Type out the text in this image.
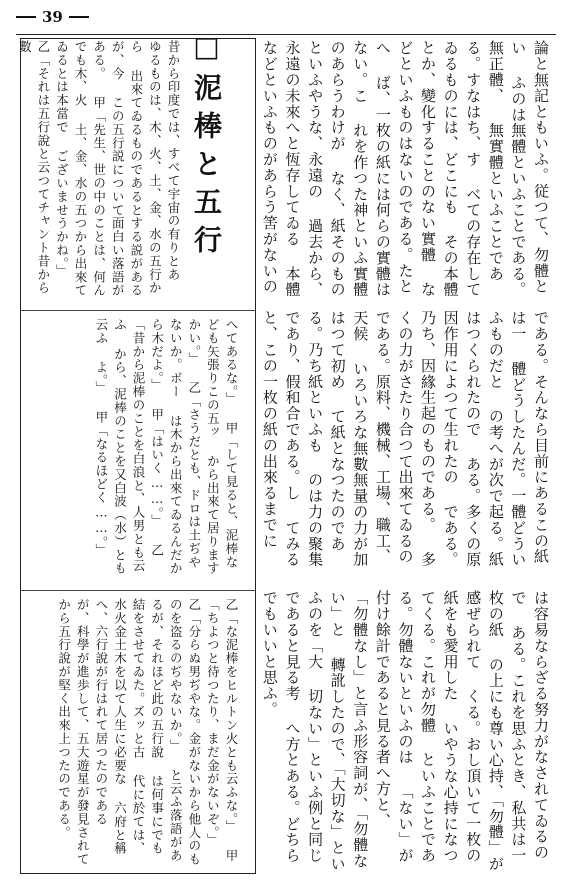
39

論と無記ともいふ。従つて、勿體とい ふのは無體といふことである。無正體、 無實體といふことである。すなはち、す べての存在してゐるものには、どこにも その本體とか、變化することのない實體 などといふものはないのである。たとへ ば、一枚の紙には何らの實體はない。こ れを作つた神といふ實體のあらうわけが なく、紙そのものといふやうな、永遠の 過去から、永遠の未來へと恆存してゐる 本體などといふものがあらう筈がないの

である。そんなら目前にあるこの紙は一 體どうしたんだ。一體どういふものだと の考へが次で起る。紙はつくられたので ある。多くの原因作用によつて生れたの である。乃ち、因緣生起のものである。 多くの力がさたり合つて出來てゐるの である。原料、機械、工場、職工、天候 いろいろな無數無量の力が加はつて初め て紙となつたのである。乃ち紙といふも のは力の聚集であり、假和合である。し てみると、この一枚の紙の出來るまでに

は容易ならざる努力がなされてゐるので ある。これを思ふとき、私共は一枚の紙 の上にも尊い心持、「勿體」が感ぜられて くる。おし頂いて一枚の紙をも愛用した いやうな心持になつてくる。これが勿體 といふことである。勿體ないといふのは 「ない」が付け餘計であると見る者へ方と、 「勿體なし」と言ふ形容詞が、「勿體ない」と 轉訛したので、「大切な」といふのを「大 切ない」といふ例と同じであると見る考 へ方とある。どちらでもいいと思ふ。

□泥棒と五行

昔から印度では、すべて宇宙の有りとあ ゆるものは、木、火、土、金、水の五行から 出來てゐるものであるとする説があるが、今 この五行説について面白い落語がある。 甲「先生、世の中のことは、何んでも木、火 土、金、水の五つから出來てゐるとは本當で ございませうかね。」 乙「それは五行說と云つてチャント昔から數

へてあるな。」 甲「して見ると、泥棒なども矢張りこの五ッ から出來て居りますかい。」 乙「さうだとも、ドロは土ぢやないか。ボー は木から出來てゐるんだから木だよ。」 甲「はいく……。」 乙「昔から泥棒のことを白浪と、人男とも云ふ から、泥棒のことを又白波（水）とも云ふ よ。」 甲「なるほどく……。」

乙「な泥棒をヒルトン火とも云ふな。」 甲「ちよつと待つたり、まだ金がないぞ。」 乙「分らぬ男ぢやな。金がないから他人のも のを盗るのぢやないか。」 と云ふ落語があるが、それほど此の五行說 は何事にでも結をさせてゐた。ズッと古 代に於ては、水火金土木を以て人生に必要な 六府と稱へ、六行說が行はれて居つたのである が、科學が進歩して、五大遊星が發見されて から五行說が堅く出來上つたのである。
